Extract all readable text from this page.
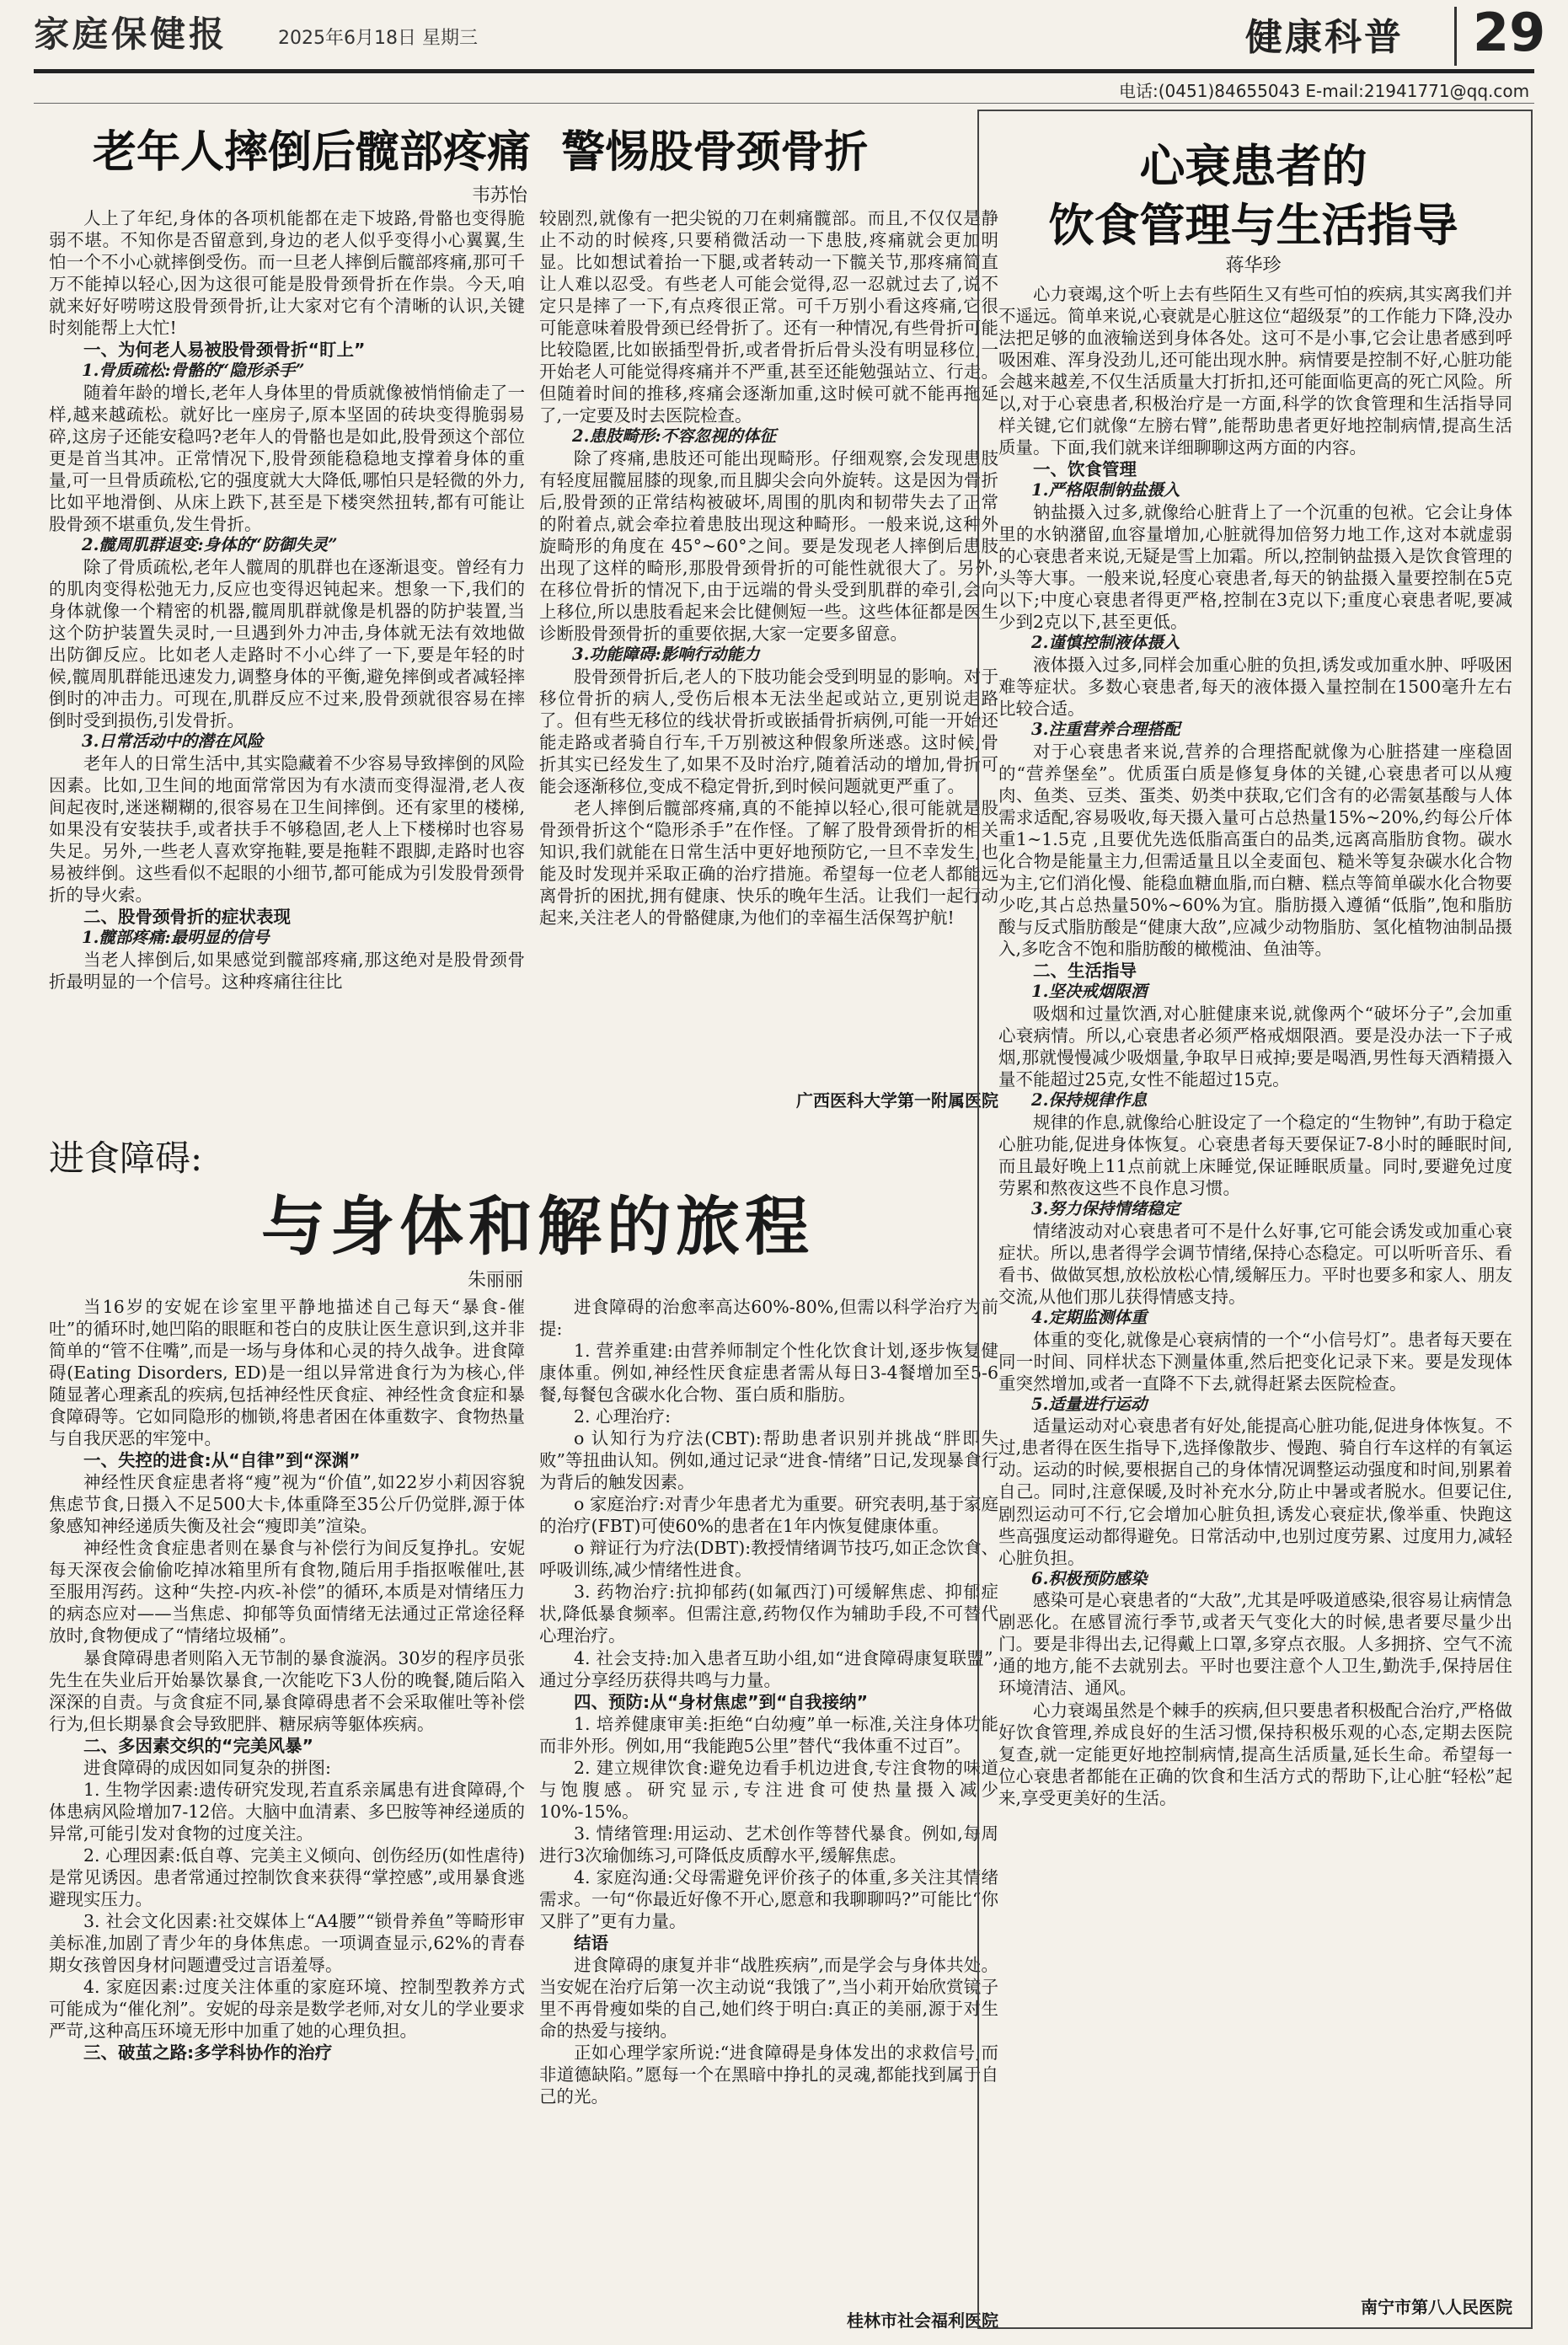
家庭保健报	2025年6月18日 星期三	健康科普 29
电话:(0451)84655043 E-mail:21941771@qq.com
老年人摔倒后髋部疼痛  警惕股骨颈骨折
韦苏怡

人上了年纪,身体的各项机能都在走下坡路,骨骼也变得脆弱不堪。不知你是否留意到,身边的老人似乎变得小心翼翼,生怕一个不小心就摔倒受伤。而一旦老人摔倒后髋部疼痛,那可千万不能掉以轻心,因为这很可能是股骨颈骨折在作祟。今天,咱就来好好唠唠这股骨颈骨折,让大家对它有个清晰的认识,关键时刻能帮上大忙!

一、为何老人易被股骨颈骨折“盯上”
1.骨质疏松:骨骼的“隐形杀手”

随着年龄的增长,老年人身体里的骨质就像被悄悄偷走了一样,越来越疏松。就好比一座房子,原本坚固的砖块变得脆弱易碎,这房子还能安稳吗?老年人的骨骼也是如此,股骨颈这个部位更是首当其冲。正常情况下,股骨颈能稳稳地支撑着身体的重量,可一旦骨质疏松,它的强度就大大降低,哪怕只是轻微的外力,比如平地滑倒、从床上跌下,甚至是下楼突然扭转,都有可能让股骨颈不堪重负,发生骨折。

2.髋周肌群退变:身体的“防御失灵”

除了骨质疏松,老年人髋周的肌群也在逐渐退变。曾经有力的肌肉变得松弛无力,反应也变得迟钝起来。想象一下,我们的身体就像一个精密的机器,髋周肌群就像是机器的防护装置,当这个防护装置失灵时,一旦遇到外力冲击,身体就无法有效地做出防御反应。比如老人走路时不小心绊了一下,要是年轻的时候,髋周肌群能迅速发力,调整身体的平衡,避免摔倒或者减轻摔倒时的冲击力。可现在,肌群反应不过来,股骨颈就很容易在摔倒时受到损伤,引发骨折。

3.日常活动中的潜在风险

老年人的日常生活中,其实隐藏着不少容易导致摔倒的风险因素。比如,卫生间的地面常常因为有水渍而变得湿滑,老人夜间起夜时,迷迷糊糊的,很容易在卫生间摔倒。还有家里的楼梯,如果没有安装扶手,或者扶手不够稳固,老人上下楼梯时也容易失足。另外,一些老人喜欢穿拖鞋,要是拖鞋不跟脚,走路时也容易被绊倒。这些看似不起眼的小细节,都可能成为引发股骨颈骨折的导火索。

二、股骨颈骨折的症状表现
1.髋部疼痛:最明显的信号

当老人摔倒后,如果感觉到髋部疼痛,那这绝对是股骨颈骨折最明显的一个信号。这种疼痛往往比

较剧烈,就像有一把尖锐的刀在刺痛髋部。而且,不仅仅是静止不动的时候疼,只要稍微活动一下患肢,疼痛就会更加明显。比如想试着抬一下腿,或者转动一下髋关节,那疼痛简直让人难以忍受。有些老人可能会觉得,忍一忍就过去了,说不定只是摔了一下,有点疼很正常。可千万别小看这疼痛,它很可能意味着股骨颈已经骨折了。还有一种情况,有些骨折可能比较隐匿,比如嵌插型骨折,或者骨折后骨头没有明显移位,一开始老人可能觉得疼痛并不严重,甚至还能勉强站立、行走。但随着时间的推移,疼痛会逐渐加重,这时候可就不能再拖延了,一定要及时去医院检查。

2.患肢畸形:不容忽视的体征

除了疼痛,患肢还可能出现畸形。仔细观察,会发现患肢有轻度屈髋屈膝的现象,而且脚尖会向外旋转。这是因为骨折后,股骨颈的正常结构被破坏,周围的肌肉和韧带失去了正常的附着点,就会牵拉着患肢出现这种畸形。一般来说,这种外旋畸形的角度在 45°~60°之间。要是发现老人摔倒后患肢出现了这样的畸形,那股骨颈骨折的可能性就很大了。另外,在移位骨折的情况下,由于远端的骨头受到肌群的牵引,会向上移位,所以患肢看起来会比健侧短一些。这些体征都是医生诊断股骨颈骨折的重要依据,大家一定要多留意。

3.功能障碍:影响行动能力

股骨颈骨折后,老人的下肢功能会受到明显的影响。对于移位骨折的病人,受伤后根本无法坐起或站立,更别说走路了。但有些无移位的线状骨折或嵌插骨折病例,可能一开始还能走路或者骑自行车,千万别被这种假象所迷惑。这时候,骨折其实已经发生了,如果不及时治疗,随着活动的增加,骨折可能会逐渐移位,变成不稳定骨折,到时候问题就更严重了。

老人摔倒后髋部疼痛,真的不能掉以轻心,很可能就是股骨颈骨折这个“隐形杀手”在作怪。了解了股骨颈骨折的相关知识,我们就能在日常生活中更好地预防它,一旦不幸发生,也能及时发现并采取正确的治疗措施。希望每一位老人都能远离骨折的困扰,拥有健康、快乐的晚年生活。让我们一起行动起来,关注老人的骨骼健康,为他们的幸福生活保驾护航!

广西医科大学第一附属医院
进食障碍:
与身体和解的旅程
朱丽丽

当16岁的安妮在诊室里平静地描述自己每天“暴食-催吐”的循环时,她凹陷的眼眶和苍白的皮肤让医生意识到,这并非简单的“管不住嘴”,而是一场与身体和心灵的持久战争。进食障碍(Eating Disorders, ED)是一组以异常进食行为为核心,伴随显著心理紊乱的疾病,包括神经性厌食症、神经性贪食症和暴食障碍等。它如同隐形的枷锁,将患者困在体重数字、食物热量与自我厌恶的牢笼中。

一、失控的进食:从“自律”到“深渊”

神经性厌食症患者将“瘦”视为“价值”,如22岁小莉因容貌焦虑节食,日摄入不足500大卡,体重降至35公斤仍觉胖,源于体象感知神经递质失衡及社会“瘦即美”渲染。

神经性贪食症患者则在暴食与补偿行为间反复挣扎。安妮每天深夜会偷偷吃掉冰箱里所有食物,随后用手指抠喉催吐,甚至服用泻药。这种“失控-内疚-补偿”的循环,本质是对情绪压力的病态应对——当焦虑、抑郁等负面情绪无法通过正常途径释放时,食物便成了“情绪垃圾桶”。

暴食障碍患者则陷入无节制的暴食漩涡。30岁的程序员张先生在失业后开始暴饮暴食,一次能吃下3人份的晚餐,随后陷入深深的自责。与贪食症不同,暴食障碍患者不会采取催吐等补偿行为,但长期暴食会导致肥胖、糖尿病等躯体疾病。

二、多因素交织的“完美风暴”

进食障碍的成因如同复杂的拼图:

1. 生物学因素:遗传研究发现,若直系亲属患有进食障碍,个体患病风险增加7-12倍。大脑中血清素、多巴胺等神经递质的异常,可能引发对食物的过度关注。

2. 心理因素:低自尊、完美主义倾向、创伤经历(如性虐待)是常见诱因。患者常通过控制饮食来获得“掌控感”,或用暴食逃避现实压力。

3. 社会文化因素:社交媒体上“A4腰”“锁骨养鱼”等畸形审美标准,加剧了青少年的身体焦虑。一项调查显示,62%的青春期女孩曾因身材问题遭受过言语羞辱。

4. 家庭因素:过度关注体重的家庭环境、控制型教养方式可能成为“催化剂”。安妮的母亲是数学老师,对女儿的学业要求严苛,这种高压环境无形中加重了她的心理负担。

三、破茧之路:多学科协作的治疗

进食障碍的治愈率高达60%-80%,但需以科学治疗为前提:

1. 营养重建:由营养师制定个性化饮食计划,逐步恢复健康体重。例如,神经性厌食症患者需从每日3-4餐增加至5-6餐,每餐包含碳水化合物、蛋白质和脂肪。

2. 心理治疗:

o 认知行为疗法(CBT):帮助患者识别并挑战“胖即失败”等扭曲认知。例如,通过记录“进食-情绪”日记,发现暴食行为背后的触发因素。

o 家庭治疗:对青少年患者尤为重要。研究表明,基于家庭的治疗(FBT)可使60%的患者在1年内恢复健康体重。

o 辩证行为疗法(DBT):教授情绪调节技巧,如正念饮食、呼吸训练,减少情绪性进食。

3. 药物治疗:抗抑郁药(如氟西汀)可缓解焦虑、抑郁症状,降低暴食频率。但需注意,药物仅作为辅助手段,不可替代心理治疗。

4. 社会支持:加入患者互助小组,如“进食障碍康复联盟”,通过分享经历获得共鸣与力量。

四、预防:从“身材焦虑”到“自我接纳”

1. 培养健康审美:拒绝“白幼瘦”单一标准,关注身体功能而非外形。例如,用“我能跑5公里”替代“我体重不过百”。

2. 建立规律饮食:避免边看手机边进食,专注食物的味道与饱腹感。研究显示,专注进食可使热量摄入减少10%-15%。

3. 情绪管理:用运动、艺术创作等替代暴食。例如,每周进行3次瑜伽练习,可降低皮质醇水平,缓解焦虑。

4. 家庭沟通:父母需避免评价孩子的体重,多关注其情绪需求。一句“你最近好像不开心,愿意和我聊聊吗?”可能比“你又胖了”更有力量。

结语

进食障碍的康复并非“战胜疾病”,而是学会与身体共处。当安妮在治疗后第一次主动说“我饿了”,当小莉开始欣赏镜子里不再骨瘦如柴的自己,她们终于明白:真正的美丽,源于对生命的热爱与接纳。

正如心理学家所说:“进食障碍是身体发出的求救信号,而非道德缺陷。”愿每一个在黑暗中挣扎的灵魂,都能找到属于自己的光。

桂林市社会福利医院
心衰患者的
饮食管理与生活指导
蒋华珍

心力衰竭,这个听上去有些陌生又有些可怕的疾病,其实离我们并不遥远。简单来说,心衰就是心脏这位“超级泵”的工作能力下降,没办法把足够的血液输送到身体各处。这可不是小事,它会让患者感到呼吸困难、浑身没劲儿,还可能出现水肿。病情要是控制不好,心脏功能会越来越差,不仅生活质量大打折扣,还可能面临更高的死亡风险。所以,对于心衰患者,积极治疗是一方面,科学的饮食管理和生活指导同样关键,它们就像“左膀右臂”,能帮助患者更好地控制病情,提高生活质量。下面,我们就来详细聊聊这两方面的内容。

一、饮食管理
1.严格限制钠盐摄入

钠盐摄入过多,就像给心脏背上了一个沉重的包袱。它会让身体里的水钠潴留,血容量增加,心脏就得加倍努力地工作,这对本就虚弱的心衰患者来说,无疑是雪上加霜。所以,控制钠盐摄入是饮食管理的头等大事。一般来说,轻度心衰患者,每天的钠盐摄入量要控制在5克以下;中度心衰患者得更严格,控制在3克以下;重度心衰患者呢,要减少到2克以下,甚至更低。

2.谨慎控制液体摄入

液体摄入过多,同样会加重心脏的负担,诱发或加重水肿、呼吸困难等症状。多数心衰患者,每天的液体摄入量控制在1500毫升左右比较合适。

3.注重营养合理搭配

对于心衰患者来说,营养的合理搭配就像为心脏搭建一座稳固的“营养堡垒”。优质蛋白质是修复身体的关键,心衰患者可以从瘦肉、鱼类、豆类、蛋类、奶类中获取,它们含有的必需氨基酸与人体需求适配,容易吸收,每天摄入量可占总热量15%~20%,约每公斤体重1~1.5克 ,且要优先选低脂高蛋白的品类,远离高脂肪食物。碳水化合物是能量主力,但需适量且以全麦面包、糙米等复杂碳水化合物为主,它们消化慢、能稳血糖血脂,而白糖、糕点等简单碳水化合物要少吃,其占总热量50%~60%为宜。脂肪摄入遵循“低脂”,饱和脂肪酸与反式脂肪酸是“健康大敌”,应减少动物脂肪、氢化植物油制品摄入,多吃含不饱和脂肪酸的橄榄油、鱼油等。

二、生活指导
1.坚决戒烟限酒

吸烟和过量饮酒,对心脏健康来说,就像两个“破坏分子”,会加重心衰病情。所以,心衰患者必须严格戒烟限酒。要是没办法一下子戒烟,那就慢慢减少吸烟量,争取早日戒掉;要是喝酒,男性每天酒精摄入量不能超过25克,女性不能超过15克。

2.保持规律作息

规律的作息,就像给心脏设定了一个稳定的“生物钟”,有助于稳定心脏功能,促进身体恢复。心衰患者每天要保证7-8小时的睡眠时间,而且最好晚上11点前就上床睡觉,保证睡眠质量。同时,要避免过度劳累和熬夜这些不良作息习惯。

3.努力保持情绪稳定

情绪波动对心衰患者可不是什么好事,它可能会诱发或加重心衰症状。所以,患者得学会调节情绪,保持心态稳定。可以听听音乐、看看书、做做冥想,放松放松心情,缓解压力。平时也要多和家人、朋友交流,从他们那儿获得情感支持。

4.定期监测体重

体重的变化,就像是心衰病情的一个“小信号灯”。患者每天要在同一时间、同样状态下测量体重,然后把变化记录下来。要是发现体重突然增加,或者一直降不下去,就得赶紧去医院检查。

5.适量进行运动

适量运动对心衰患者有好处,能提高心脏功能,促进身体恢复。不过,患者得在医生指导下,选择像散步、慢跑、骑自行车这样的有氧运动。运动的时候,要根据自己的身体情况调整运动强度和时间,别累着自己。同时,注意保暖,及时补充水分,防止中暑或者脱水。但要记住,剧烈运动可不行,它会增加心脏负担,诱发心衰症状,像举重、快跑这些高强度运动都得避免。日常活动中,也别过度劳累、过度用力,减轻心脏负担。

6.积极预防感染

感染可是心衰患者的“大敌”,尤其是呼吸道感染,很容易让病情急剧恶化。在感冒流行季节,或者天气变化大的时候,患者要尽量少出门。要是非得出去,记得戴上口罩,多穿点衣服。人多拥挤、空气不流通的地方,能不去就别去。平时也要注意个人卫生,勤洗手,保持居住环境清洁、通风。

心力衰竭虽然是个棘手的疾病,但只要患者积极配合治疗,严格做好饮食管理,养成良好的生活习惯,保持积极乐观的心态,定期去医院复查,就一定能更好地控制病情,提高生活质量,延长生命。希望每一位心衰患者都能在正确的饮食和生活方式的帮助下,让心脏“轻松”起来,享受更美好的生活。

南宁市第八人民医院
